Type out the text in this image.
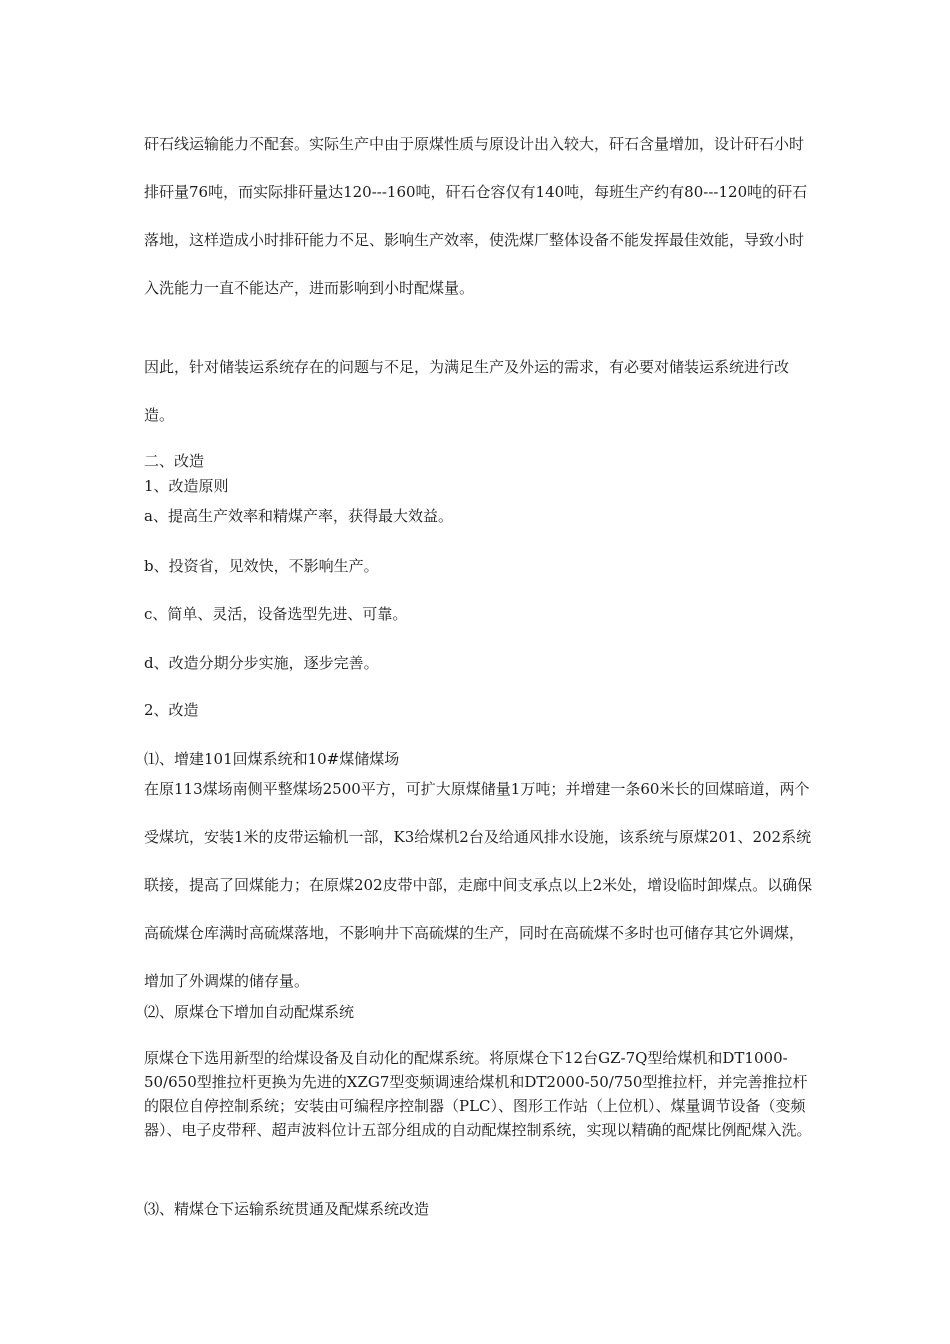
矸石线运输能力不配套。实际生产中由于原煤性质与原设计出入较大，矸石含量增加，设计矸石小时排矸量76吨，而实际排矸量达120---160吨，矸石仓容仅有140吨，每班生产约有80---120吨的矸石落地，这样造成小时排矸能力不足、影响生产效率，使洗煤厂整体设备不能发挥最佳效能，导致小时入洗能力一直不能达产，进而影响到小时配煤量。

因此，针对储装运系统存在的问题与不足，为满足生产及外运的需求，有必要对储装运系统进行改造。

二、改造

1、改造原则

a、提高生产效率和精煤产率，获得最大效益。

b、投资省，见效快，不影响生产。

c、简单、灵活，设备选型先进、可靠。

d、改造分期分步实施，逐步完善。

2、改造

⑴、增建101回煤系统和10#煤储煤场

在原113煤场南侧平整煤场2500平方，可扩大原煤储量1万吨；并增建一条60米长的回煤暗道，两个受煤坑，安装1米的皮带运输机一部，K3给煤机2台及给通风排水设施，该系统与原煤201、202系统联接，提高了回煤能力；在原煤202皮带中部，走廊中间支承点以上2米处，增设临时卸煤点。以确保高硫煤仓库满时高硫煤落地，不影响井下高硫煤的生产，同时在高硫煤不多时也可储存其它外调煤，增加了外调煤的储存量。

⑵、原煤仓下增加自动配煤系统

原煤仓下选用新型的给煤设备及自动化的配煤系统。将原煤仓下12台GZ-7Q型给煤机和DT1000-50/650型推拉杆更换为先进的XZG7型变频调速给煤机和DT2000-50/750型推拉杆，并完善推拉杆的限位自停控制系统；安装由可编程序控制器（PLC）、图形工作站（上位机）、煤量调节设备（变频器）、电子皮带秤、超声波料位计五部分组成的自动配煤控制系统，实现以精确的配煤比例配煤入洗。

⑶、精煤仓下运输系统贯通及配煤系统改造
